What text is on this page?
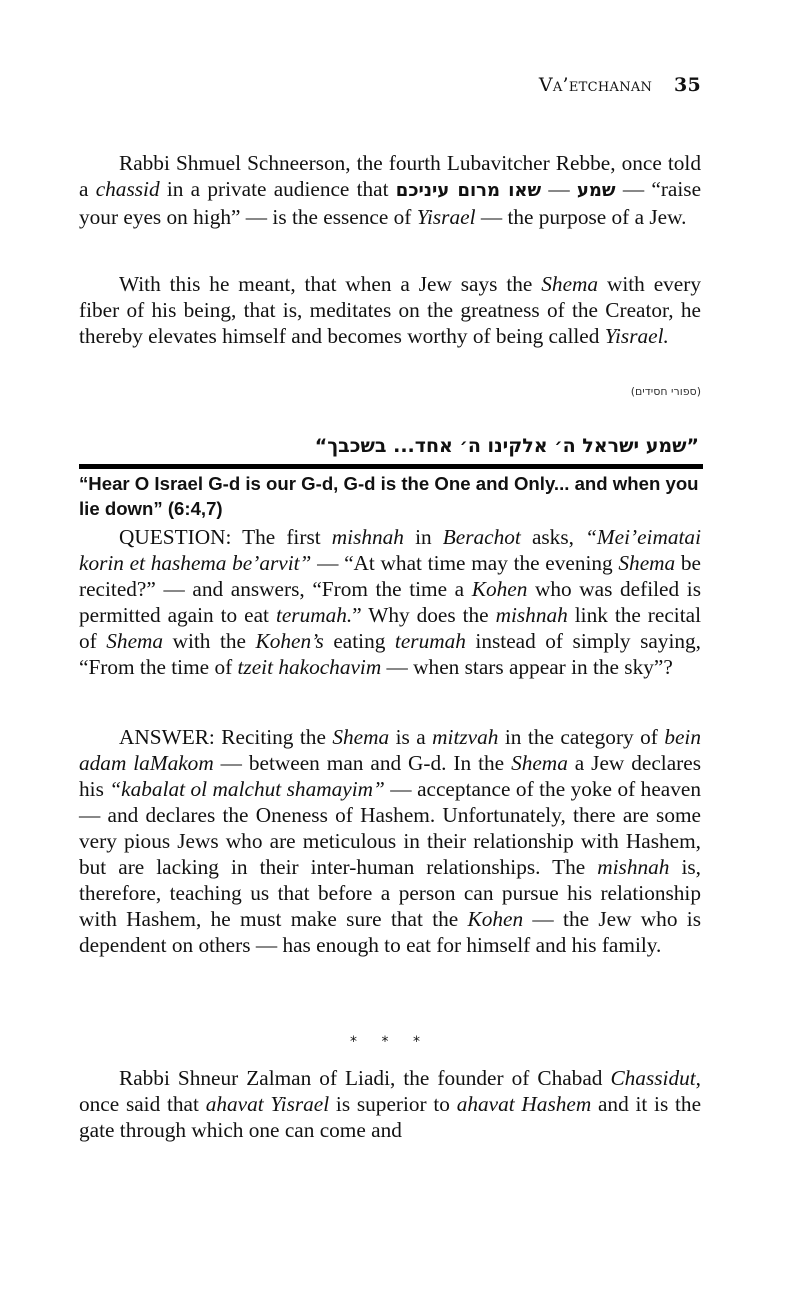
Va’etchanan 35

Rabbi Shmuel Schneerson, the fourth Lubavitcher Rebbe, once told a chassid in a private audience that	שמע — שאו מרום עיניכם	— “raise your eyes on high” — is the essence of Yisrael — the purpose of a Jew.

With this he meant, that when a Jew says the Shema with every fiber of his being, that is, meditates on the greatness of the Creator, he thereby elevates himself and becomes worthy of being called Yisrael.

(ספורי חסידים)
”שמע ישראל ה׳ אלקינו ה׳ אחד... בשכבך“
“Hear O Israel G-d is our G-d, G-d is the One and Only... and when you lie down” (6:4,7)

QUESTION: The first mishnah in Berachot asks, “Mei’eimatai korin et hashema be’arvit” — “At what time may the evening Shema be recited?” — and answers, “From the time a Kohen who was defiled is permitted again to eat terumah.” Why does the mishnah link the recital of Shema with the Kohen’s eating terumah instead of simply saying, “From the time of tzeit hakochavim — when stars appear in the sky”?

ANSWER: Reciting the Shema is a mitzvah in the category of bein adam laMakom — between man and G-d. In the Shema a Jew declares his “kabalat ol malchut shamayim” — acceptance of the yoke of heaven — and declares the Oneness of Hashem. Unfortunately, there are some very pious Jews who are meticulous in their relationship with Hashem, but are lacking in their inter-human relationships. The mishnah is, therefore, teaching us that before a person can pursue his relationship with Hashem, he must make sure that the Kohen — the Jew who is dependent on others — has enough to eat for himself and his family.

* * *

Rabbi Shneur Zalman of Liadi, the founder of Chabad Chassidut, once said that ahavat Yisrael is superior to ahavat Hashem and it is the gate through which one can come and
